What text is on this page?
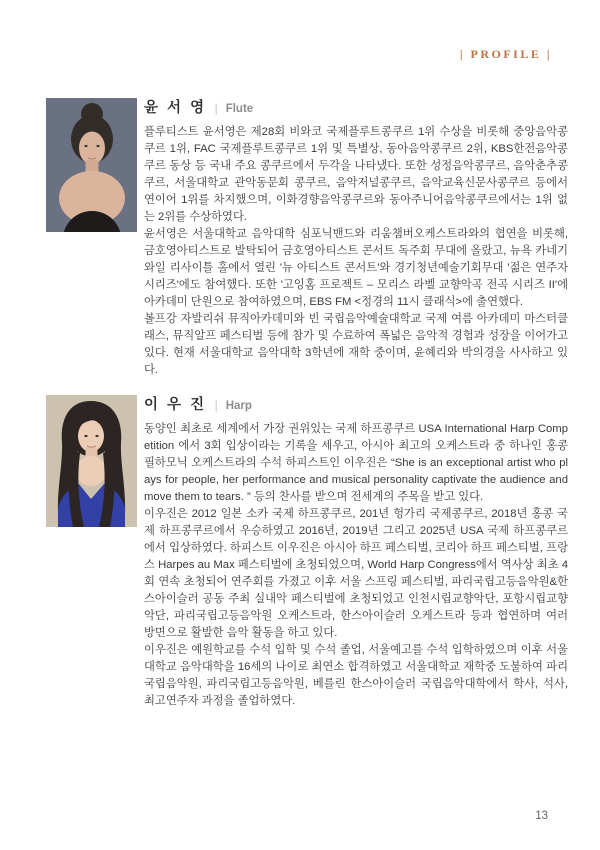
| PROFILE |
윤 서 영 | Flute

플루티스트 윤서영은 제28회 비와코 국제플루트콩쿠르 1위 수상을 비롯해 중앙음악콩쿠르 1위, FAC 국제플루트콩쿠르 1위 및 특별상, 동아음악콩쿠르 2위, KBS한전음악콩쿠르 동상 등 국내 주요 콩쿠르에서 두각을 나타냈다. 또한 성정음악콩쿠르, 음악춘추콩쿠르, 서울대학교 관악동문회 콩쿠르, 음악저널콩쿠르, 음악교육신문사콩쿠르 등에서 연이어 1위를 차지했으며, 이화경향음악콩쿠르와 동아주니어음악콩쿠르에서는 1위 없는 2위를 수상하였다.

윤서영은 서울대학교 음악대학 심포닉밴드와 리움챔버오케스트라와의 협연을 비롯해, 금호영아티스트로 발탁되어 금호영아티스트 콘서트 독주회 무대에 올랐고, 뉴욕 카네기 와일 리사이틀 홀에서 열린 '뉴 아티스트 콘서트'와 경기청년예술기회무대 '젊은 연주자 시리즈'에도 참여했다. 또한 '고잉홈 프로젝트 – 모리스 라벨 교향악곡 전곡 시리즈 II'에 아카데미 단원으로 참여하였으며, EBS FM <정경의 11시 클래식>에 출연했다.

볼프강 자발리쉬 뮤직아카데미와 빈 국립음악예술대학교 국제 여름 아카데미 마스터클래스, 뮤직알프 페스티벌 등에 참가 및 수료하여 폭넓은 음악적 경험과 성장을 이어가고 있다. 현재 서울대학교 음악대학 3학년에 재학 중이며, 윤혜리와 박의경을 사사하고 있다.

이 우 진 | Harp

동양인 최초로 세계에서 가장 권위있는 국제 하프콩쿠르 USA International Harp Competition 에서 3회 입상이라는 기록을 세우고, 아시아 최고의 오케스트라 중 하나인 홍콩 필하모닉 오케스트라의 수석 하피스트인 이우진은 “She is an exceptional artist who plays for people, her performance and musical personality captivate the audience and move them to tears. ” 등의 찬사를 받으며 전세계의 주목을 받고 있다.

이우진은 2012 일본 소카 국제 하프콩쿠르, 201년 헝가리 국제콩쿠르, 2018년 홍콩 국제 하프콩쿠르에서 우승하였고 2016년, 2019년 그리고 2025년 USA 국제 하프콩쿠르에서 입상하였다. 하피스트 이우진은 아시아 하프 페스티벌, 코리아 하프 페스티벌, 프랑스 Harpes au Max 페스티벌에 초청되었으며, World Harp Congress에서 역사상 최초 4회 연속 초청되어 연주회를 가졌고 이후 서울 스프링 페스티벌, 파리국립고등음악원&한스아이슬러 공동 주최 실내악 페스티벌에 초청되었고 인천시립교향악단, 포항시립교향악단, 파리국립고등음악원 오케스트라, 한스아이슬러 오케스트라 등과 협연하며 여러 방면으로 활발한 음악 활동을 하고 있다.

이우진은 예원학교를 수석 입학 및 수석 졸업, 서울예고를 수석 입학하였으며 이후 서울대학교 음악대학을 16세의 나이로 최연소 합격하였고 서울대학교 재학중 도불하여 파리국립음악원, 파리국립고등음악원, 베를린 한스아이슬러 국립음악대학에서 학사, 석사, 최고연주자 과정을 졸업하였다.

13
